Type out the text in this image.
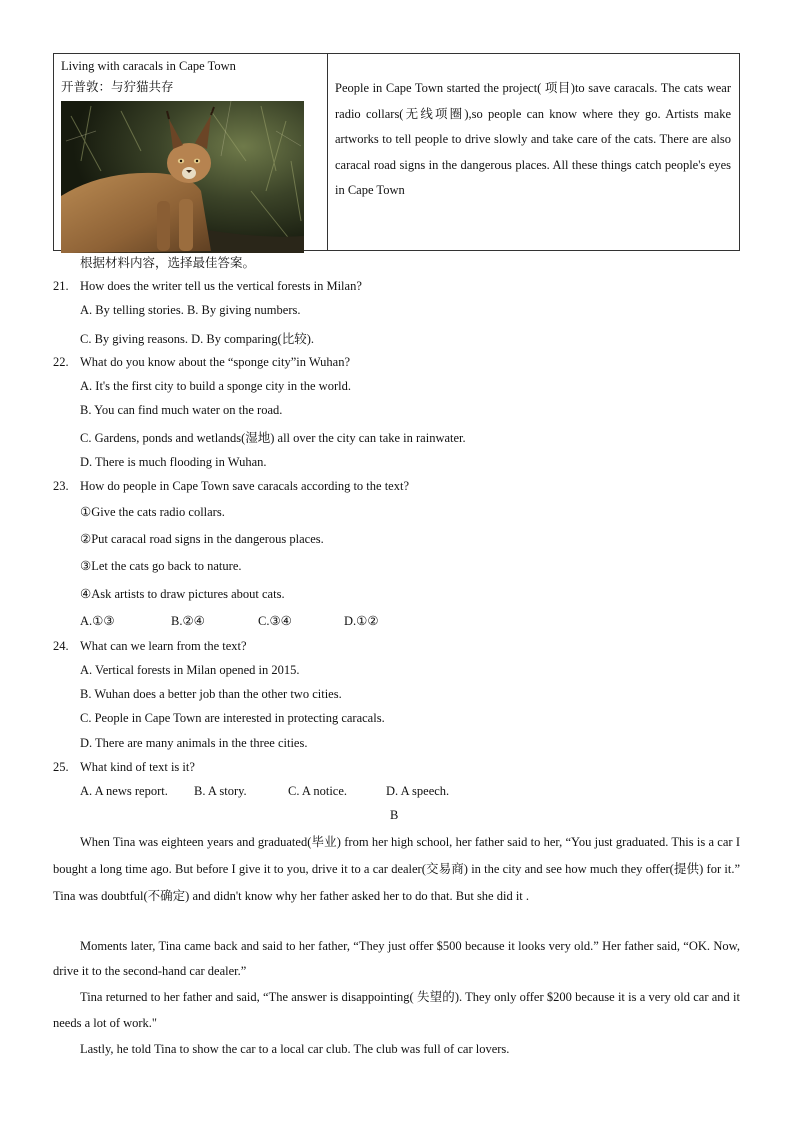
Living with caracals in Cape Town
开普敦：与狞猫共存	People in Cape Town started the project( 项目)to save caracals. The cats wear radio collars(无线项圈),so people can know where they go. Artists make artworks to tell people to drive slowly and take care of the cats. There are also caracal road signs in the dangerous places. All these things catch people's eyes in Cape Town
根据材料内容，选择最佳答案。
21. How does the writer tell us the vertical forests in Milan?
A. By telling stories. B. By giving numbers.
C. By giving reasons. D. By comparing(比较).
22. What do you know about the “sponge city”in Wuhan?
A. It's the first city to build a sponge city in the world.
B. You can find much water on the road.
C. Gardens, ponds and wetlands(湿地) all over the city can take in rainwater.
D. There is much flooding in Wuhan.
23. How do people in Cape Town save caracals according to the text?
①Give the cats radio collars.
②Put caracal road signs in the dangerous places.
③Let the cats go back to nature.
④Ask artists to draw pictures about cats.
A.①③	B.②④	C.③④	D.①②
24. What can we learn from the text?
A. Vertical forests in Milan opened in 2015.
B. Wuhan does a better job than the other two cities.
C. People in Cape Town are interested in protecting caracals.
D. There are many animals in the three cities.
25. What kind of text is it?
A. A news report. B. A story.	C. A notice.	D. A speech.
B
When Tina was eighteen years and graduated(毕业) from her high school, her father said to her, “You just graduated. This is a car I bought a long time ago. But before I give it to you, drive it to a car dealer(交易商) in the city and see how much they offer(提供) for it.” Tina was doubtful(不确定) and didn't know why her father asked her to do that. But she did it .
Moments later, Tina came back and said to her father, “They just offer $500 because it looks very old.” Her father said, “OK. Now, drive it to the second-hand car dealer.”
Tina returned to her father and said, “The answer is disappointing( 失望的). They only offer $200 because it is a very old car and it needs a lot of work."
Lastly, he told Tina to show the car to a local car club. The club was full of car lovers.
